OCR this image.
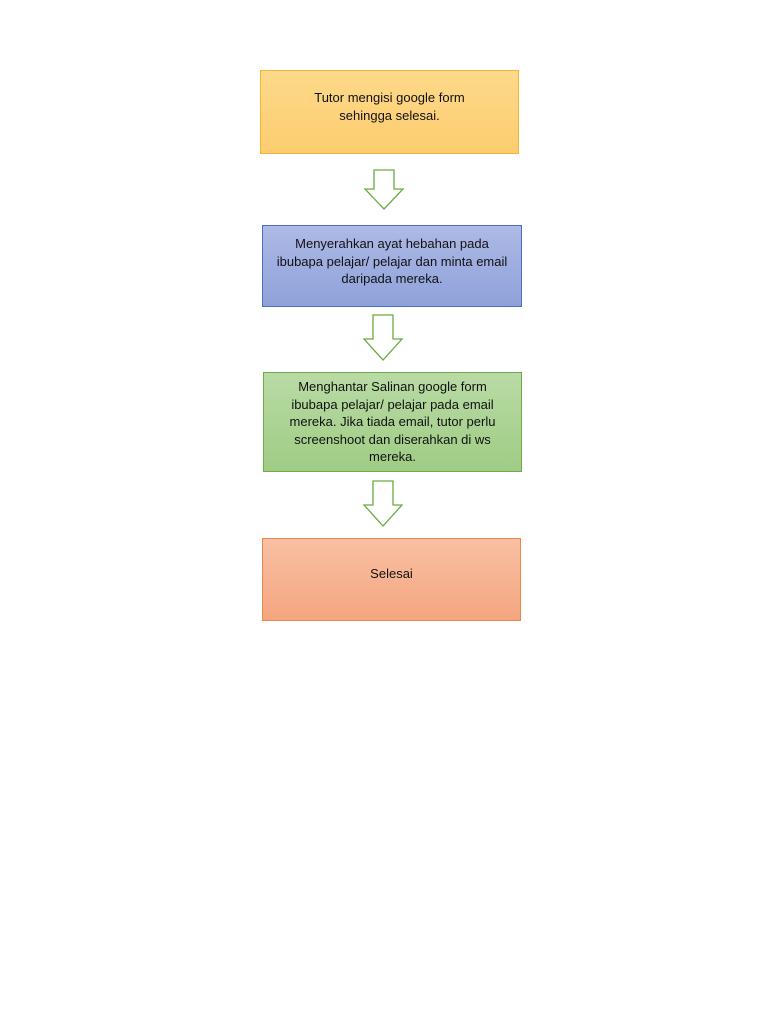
Tutor mengisi google form sehingga selesai.
Menyerahkan ayat hebahan pada ibubapa pelajar/ pelajar dan minta email daripada mereka.
Menghantar Salinan google form ibubapa pelajar/ pelajar pada email mereka. Jika tiada email, tutor perlu screenshoot dan diserahkan di ws mereka.
Selesai
